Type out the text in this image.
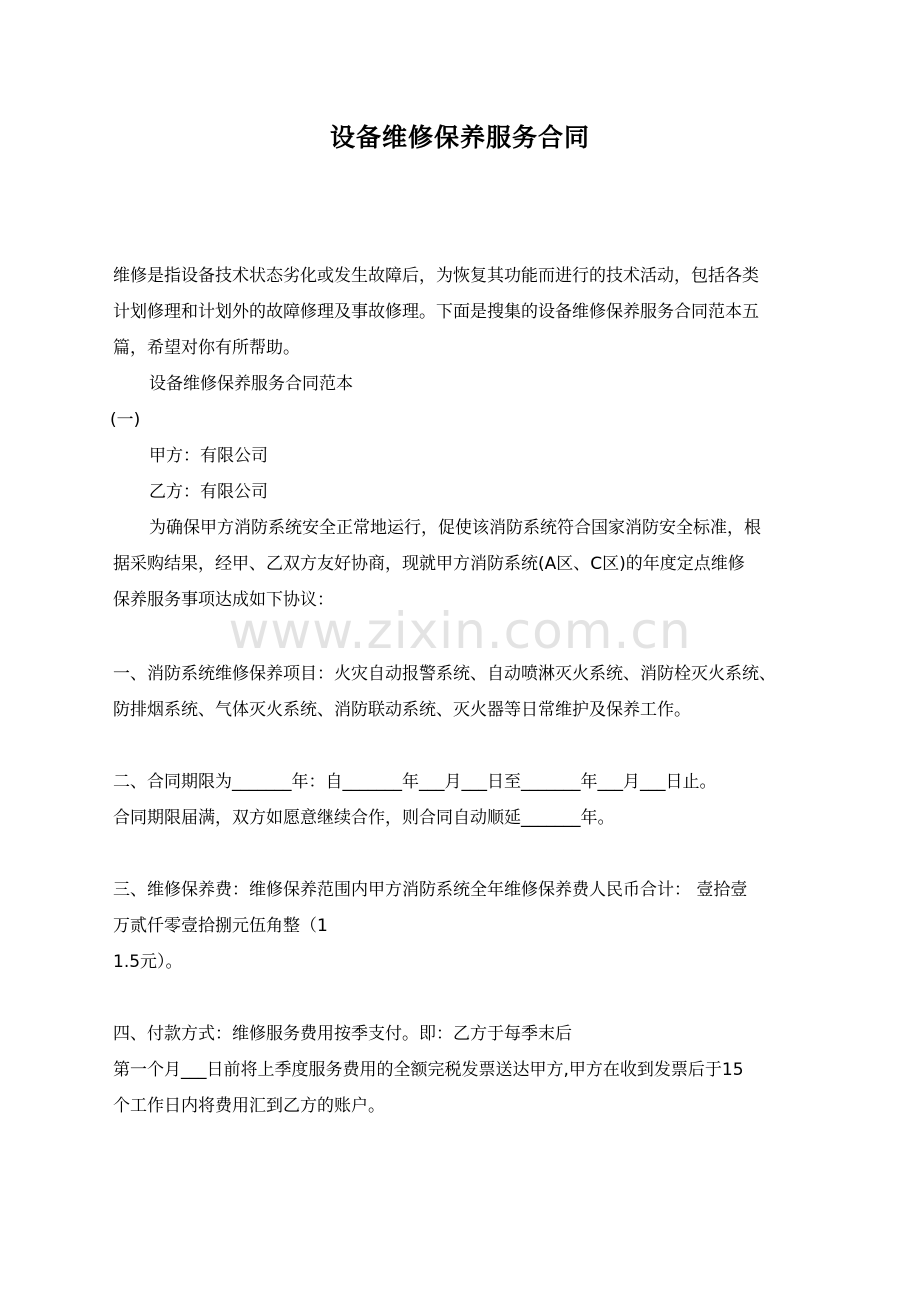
www.zixin.com.cn
设备维修保养服务合同
维修是指设备技术状态劣化或发生故障后，为恢复其功能而进行的技术活动，包括各类
计划修理和计划外的故障修理及事故修理。下面是搜集的设备维修保养服务合同范本五
篇，希望对你有所帮助。
设备维修保养服务合同范本
(一)
甲方：有限公司
乙方：有限公司
为确保甲方消防系统安全正常地运行，促使该消防系统符合国家消防安全标准，根
据采购结果，经甲、乙双方友好协商，现就甲方消防系统(A区、C区)的年度定点维修
保养服务事项达成如下协议：
一、消防系统维修保养项目：火灾自动报警系统、自动喷淋灭火系统、消防栓灭火系统、
防排烟系统、气体灭火系统、消防联动系统、灭火器等日常维护及保养工作。
二、合同期限为_______年：自_______年___月___日至_______年___月___日止。
合同期限届满，双方如愿意继续合作，则合同自动顺延_______年。
三、维修保养费：维修保养范围内甲方消防系统全年维修保养费人民币合计： 壹拾壹
万贰仟零壹拾捌元伍角整（1
1.5元）。
四、付款方式：维修服务费用按季支付。即：乙方于每季末后
第一个月___日前将上季度服务费用的全额完税发票送达甲方,甲方在收到发票后于15
个工作日内将费用汇到乙方的账户。
